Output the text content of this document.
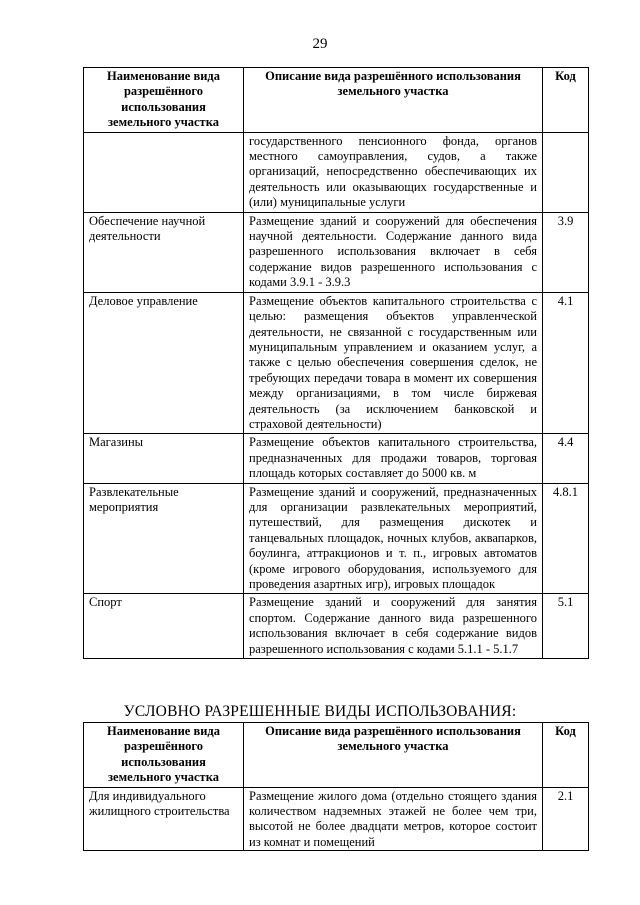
29
Наименование вида разрешённого использования земельного участка	Описание вида разрешённого использования земельного участка	Код
	государственного пенсионного фонда, органов местного самоуправления, судов, а также организаций, непосредственно обеспечивающих их деятельность или оказывающих государственные и (или) муниципальные услуги	
Обеспечение научной деятельности	Размещение зданий и сооружений для обеспечения научной деятельности. Содержание данного вида разрешенного использования включает в себя содержание видов разрешенного использования с кодами 3.9.1 - 3.9.3	3.9
Деловое управление	Размещение объектов капитального строительства с целью: размещения объектов управленческой деятельности, не связанной с государственным или муниципальным управлением и оказанием услуг, а также с целью обеспечения совершения сделок, не требующих передачи товара в момент их совершения между организациями, в том числе биржевая деятельность (за исключением банковской и страховой деятельности)	4.1
Магазины	Размещение объектов капитального строительства, предназначенных для продажи товаров, торговая площадь которых составляет до 5000 кв. м	4.4
Развлекательные мероприятия	Размещение зданий и сооружений, предназначенных для организации развлекательных мероприятий, путешествий, для размещения дискотек и танцевальных площадок, ночных клубов, аквапарков, боулинга, аттракционов и т. п., игровых автоматов (кроме игрового оборудования, используемого для проведения азартных игр), игровых площадок	4.8.1
Спорт	Размещение зданий и сооружений для занятия спортом. Содержание данного вида разрешенного использования включает в себя содержание видов разрешенного использования с кодами 5.1.1 - 5.1.7	5.1
УСЛОВНО РАЗРЕШЕННЫЕ ВИДЫ ИСПОЛЬЗОВАНИЯ:
Наименование вида разрешённого использования земельного участка	Описание вида разрешённого использования земельного участка	Код
Для индивидуального жилищного строительства	Размещение жилого дома (отдельно стоящего здания количеством надземных этажей не более чем три, высотой не более двадцати метров, которое состоит из комнат и помещений	2.1
